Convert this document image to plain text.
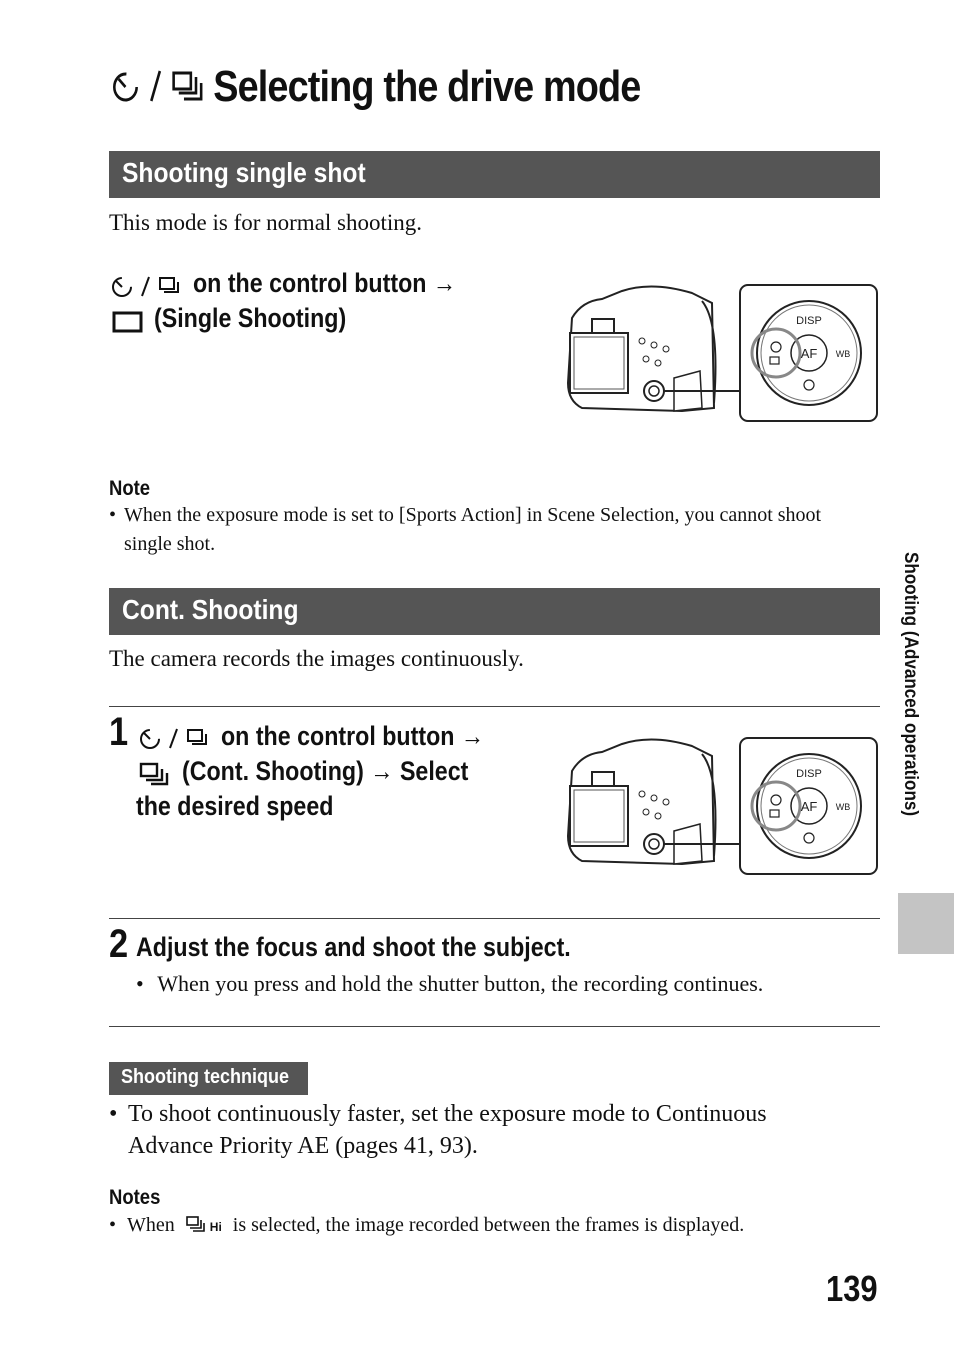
Selecting the drive mode
Shooting single shot
This mode is for normal shooting.
on the control button →
(Single Shooting)	DISP
AF WB
Note
• When the exposure mode is set to [Sports Action] in Scene Selection, you cannot shoot single shot.
Cont. Shooting
The camera records the images continuously.
1	on the control button →
(Cont. Shooting) → Select
the desired speed
DISP
AF WB
2 Adjust the focus and shoot the subject.
• When you press and hold the shutter button, the recording continues.
Shooting technique
• To shoot continuously faster, set the exposure mode to Continuous Advance Priority AE (pages 41, 93).
Notes
• When	Hi is selected, the image recorded between the frames is displayed.
Shooting (Advanced operations)
139
